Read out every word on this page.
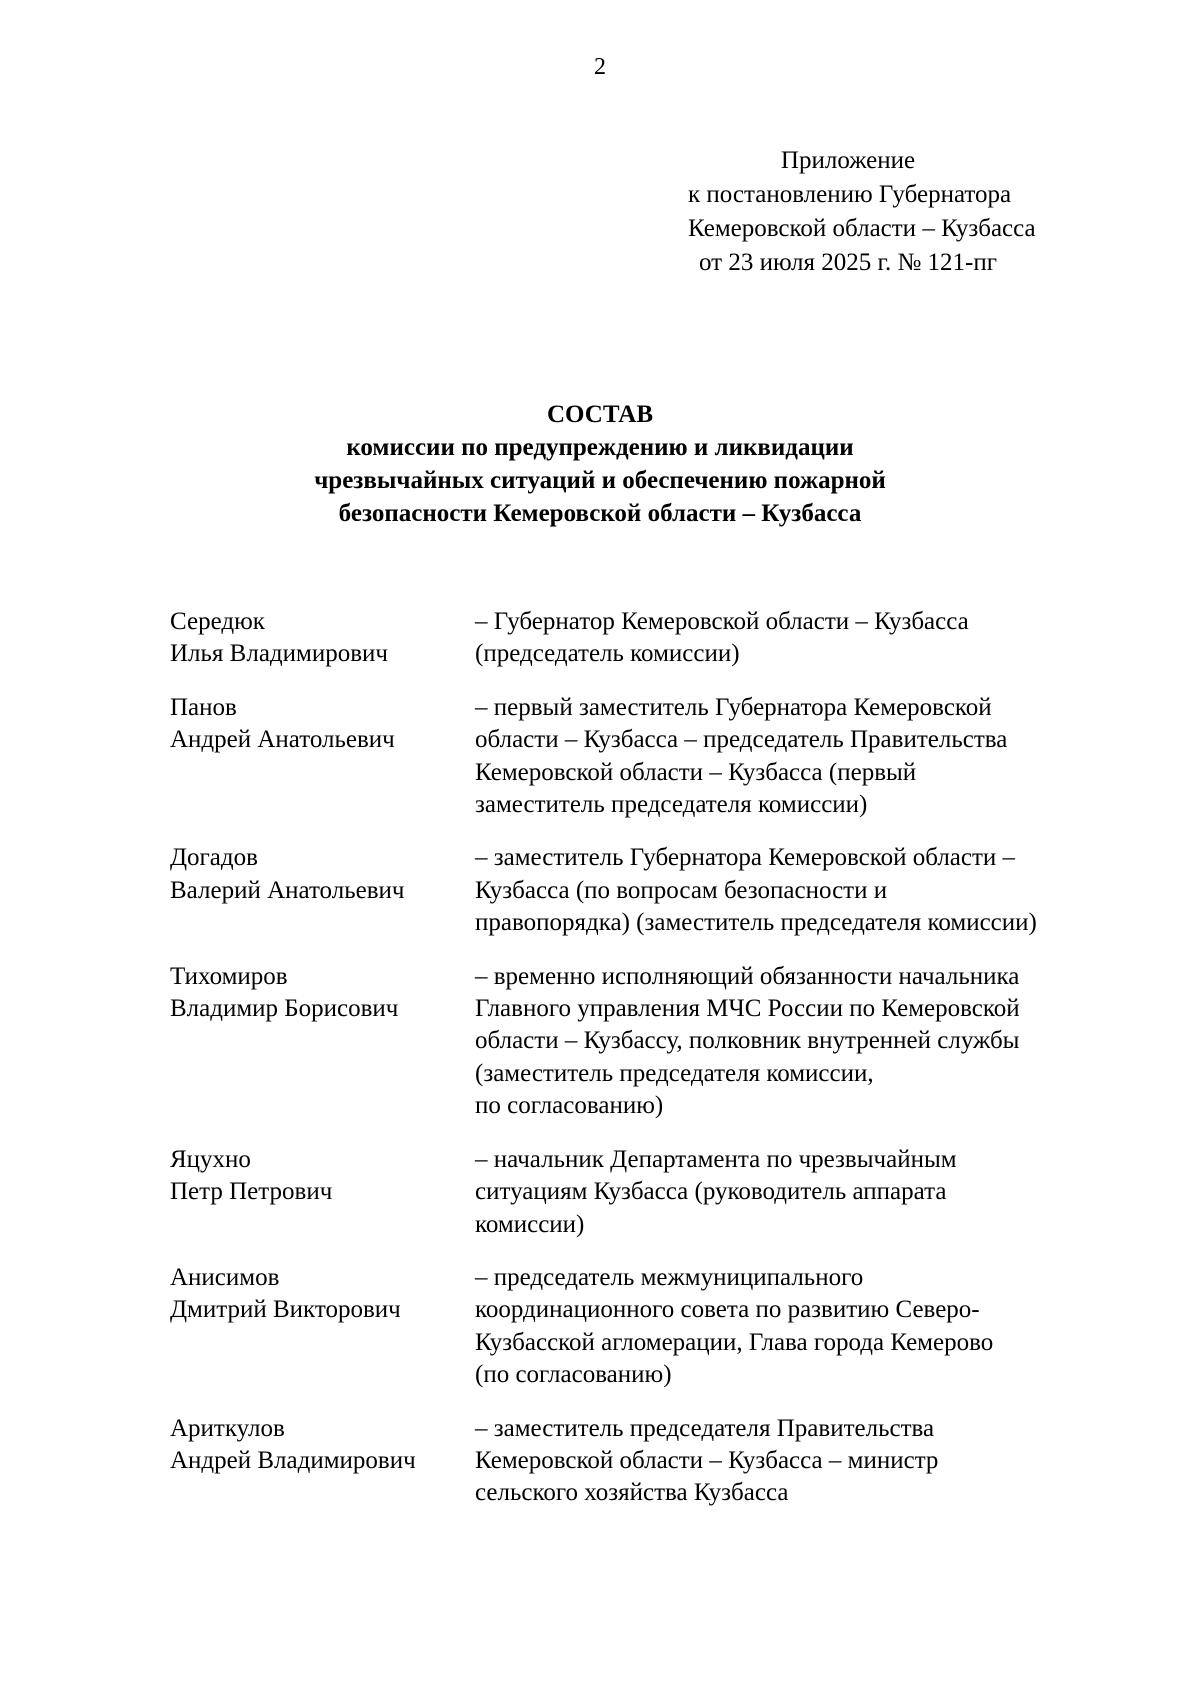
2
Приложение
к постановлению Губернатора
Кемеровской области – Кузбасса
от 23 июля 2025 г. № 121-пг
СОСТАВ
комиссии по предупреждению и ликвидации
чрезвычайных ситуаций и обеспечению пожарной
безопасности Кемеровской области – Кузбасса
Середюк
Илья Владимирович
– Губернатор Кемеровской области – Кузбасса
(председатель комиссии)
Панов
Андрей Анатольевич
– первый заместитель Губернатора Кемеровской
области – Кузбасса – председатель Правительства
Кемеровской области – Кузбасса (первый
заместитель председателя комиссии)
Догадов
Валерий Анатольевич
– заместитель Губернатора Кемеровской области –
Кузбасса (по вопросам безопасности и
правопорядка) (заместитель председателя комиссии)
Тихомиров
Владимир Борисович
– временно исполняющий обязанности начальника
Главного управления МЧС России по Кемеровской
области – Кузбассу, полковник внутренней службы
(заместитель председателя комиссии,
по согласованию)
Яцухно
Петр Петрович
– начальник Департамента по чрезвычайным
ситуациям Кузбасса (руководитель аппарата
комиссии)
Анисимов
Дмитрий Викторович
– председатель межмуниципального
координационного совета по развитию Северо-
Кузбасской агломерации, Глава города Кемерово
(по согласованию)
Ариткулов
Андрей Владимирович
– заместитель председателя Правительства
Кемеровской области – Кузбасса – министр
сельского хозяйства Кузбасса
